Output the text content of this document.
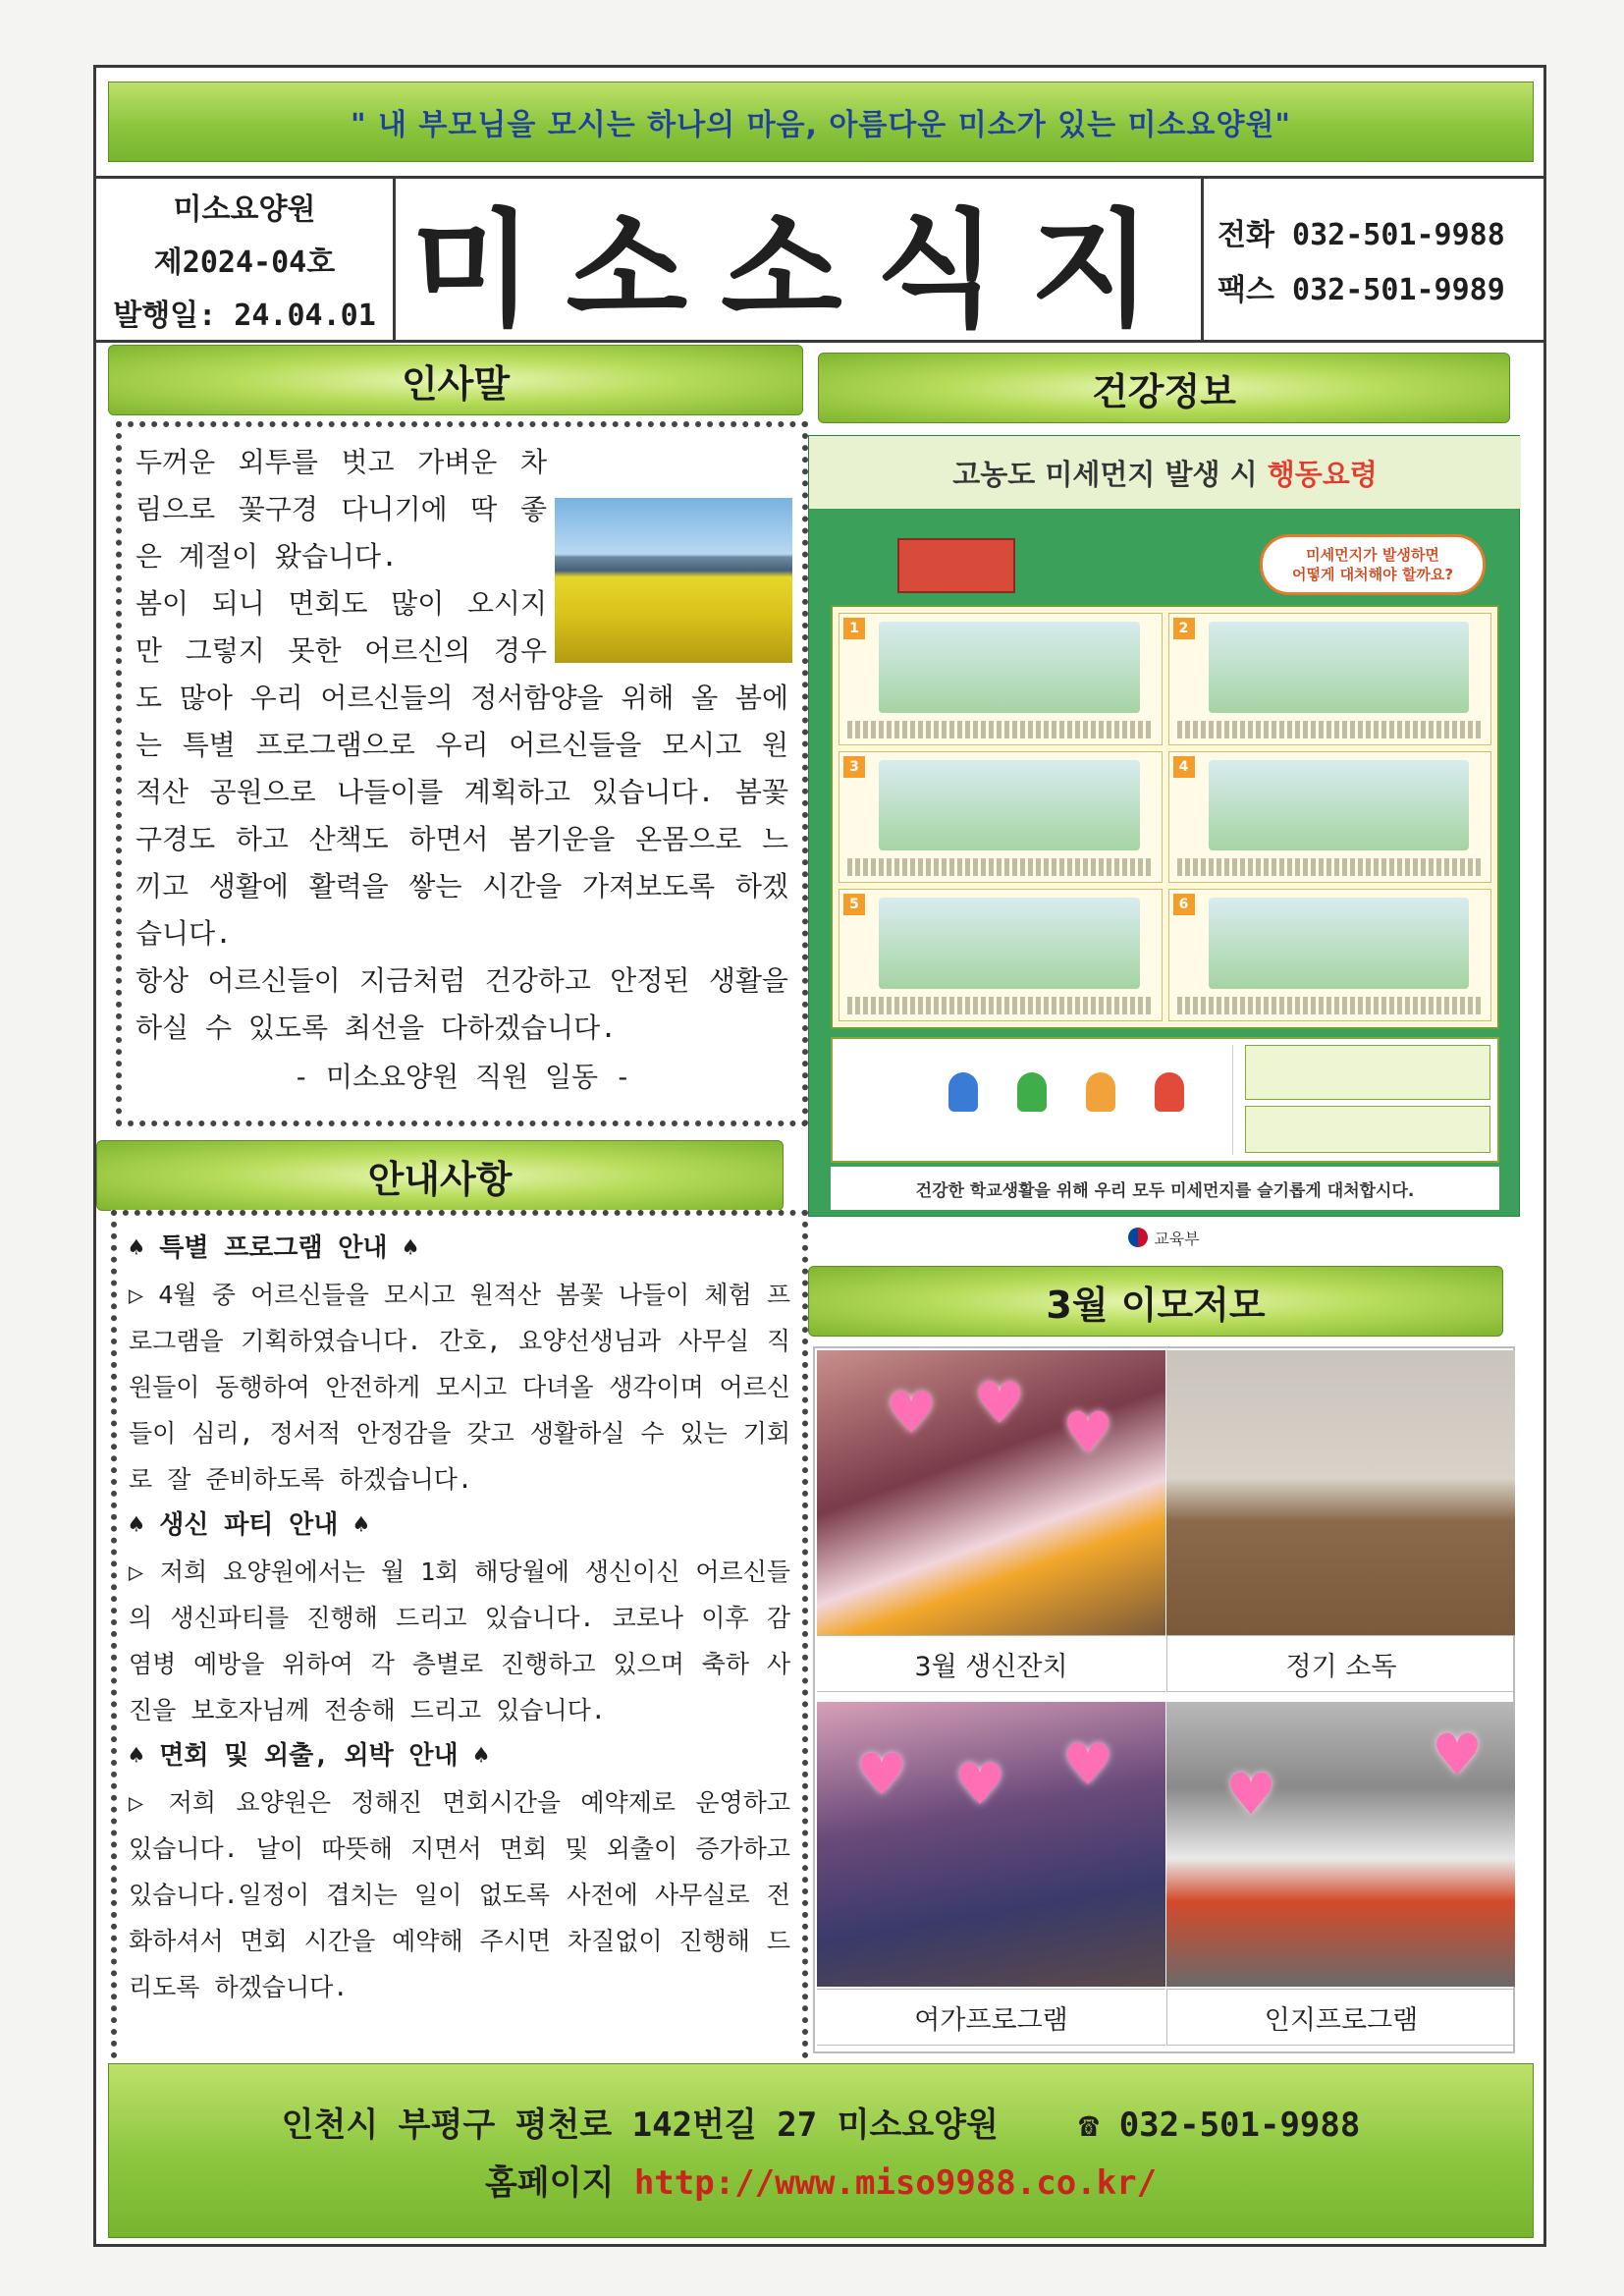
" 내 부모님을 모시는 하나의 마음, 아름다운 미소가 있는 미소요양원"
미소요양원
제2024-04호
발행일: 24.04.01 미소소식지	전화 032-501-9988
팩스 032-501-9989
인사말

두꺼운 외투를 벗고 가벼운 차림으로 꽃구경 다니기에 딱 좋은 계절이 왔습니다.

봄이 되니 면회도 많이 오시지만 그렇지 못한 어르신의 경우도 많아 우리 어르신들의 정서함양을 위해 올 봄에는 특별 프로그램으로 우리 어르신들을 모시고 원적산 공원으로 나들이를 계획하고 있습니다. 봄꽃 구경도 하고 산책도 하면서 봄기운을 온몸으로 느끼고 생활에 활력을 쌓는 시간을 가져보도록 하겠습니다.

항상 어르신들이 지금처럼 건강하고 안정된 생활을 하실 수 있도록 최선을 다하겠습니다.

- 미소요양원 직원 일동 -

안내사항
♠ 특별 프로그램 안내 ♠
▷ 4월 중 어르신들을 모시고 원적산 봄꽃 나들이 체험 프로그램을 기획하였습니다. 간호, 요양선생님과 사무실 직원들이 동행하여 안전하게 모시고 다녀올 생각이며 어르신들이 심리, 정서적 안정감을 갖고 생활하실 수 있는 기회로 잘 준비하도록 하겠습니다.
♠ 생신 파티 안내 ♠
▷ 저희 요양원에서는 월 1회 해당월에 생신이신 어르신들의 생신파티를 진행해 드리고 있습니다. 코로나 이후 감염병 예방을 위하여 각 층별로 진행하고 있으며 축하 사진을 보호자님께 전송해 드리고 있습니다.
♠ 면회 및 외출, 외박 안내 ♠
▷ 저희 요양원은 정해진 면회시간을 예약제로 운영하고 있습니다. 날이 따뜻해 지면서 면회 및 외출이 증가하고 있습니다.일정이 겹치는 일이 없도록 사전에 사무실로 전화하셔서 면회 시간을 예약해 주시면 차질없이 진행해 드리도록 하겠습니다.
건강정보
고농도 미세먼지 발생 시
행동요령
미세먼지가 발생하면
어떻게 대처해야 할까요?
1	2
3	4
5	6
건강한 학교생활을 위해 우리 모두 미세먼지를 슬기롭게 대처합시다.
교육부
3월 이모저모
♥ ♥ ♥
3월 생신잔치	정기 소독
♥ ♥ ♥ ♥
♥
여가프로그램	인지프로그램
인천시 부평구 평천로 142번길 27 미소요양원 ☎ 032-501-9988
홈페이지 http://www.miso9988.co.kr/
